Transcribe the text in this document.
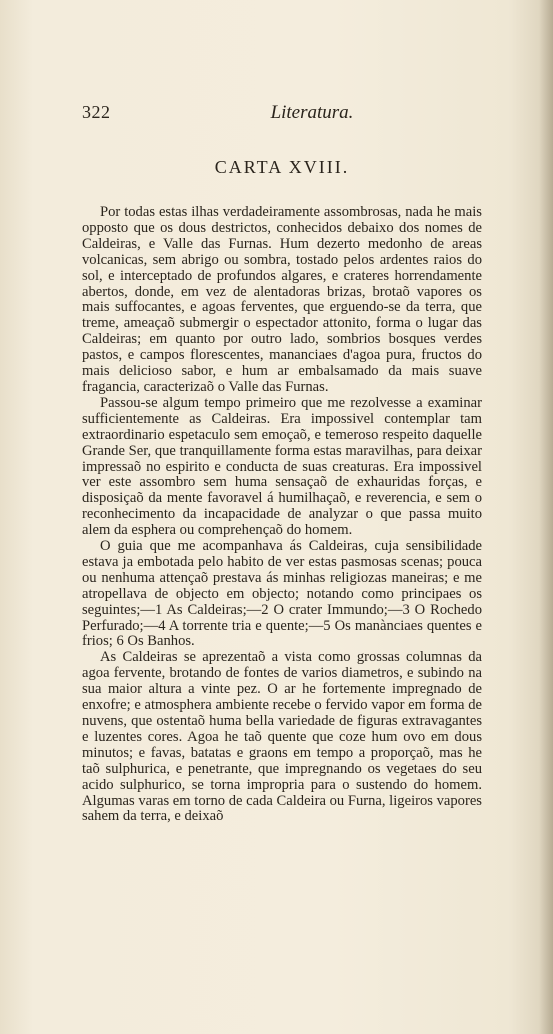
322	Literatura.
CARTA XVIII.

Por todas estas ilhas verdadeiramente assombrosas, nada he mais opposto que os dous destrictos, conhecidos debaixo dos nomes de Caldeiras, e Valle das Furnas. Hum dezerto medonho de areas volcanicas, sem abrigo ou sombra, tostado pelos ardentes raios do sol, e interceptado de profundos algares, e crateres horrendamente abertos, donde, em vez de alentadoras brizas, brotaõ vapores os mais suffocantes, e agoas ferventes, que erguendo-se da terra, que treme, ameaçaõ submergir o espectador attonito, forma o lugar das Caldeiras; em quanto por outro lado, sombrios bosques verdes pastos, e campos florescentes, mananciaes d'agoa pura, fructos do mais delicioso sabor, e hum ar embalsamado da mais suave fragancia, caracterizaõ o Valle das Furnas.

Passou-se algum tempo primeiro que me rezolvesse a examinar sufficientemente as Caldeiras. Era impossivel contemplar tam extraordinario espetaculo sem emoçaõ, e temeroso respeito daquelle Grande Ser, que tranquillamente forma estas maravilhas, para deixar impressaõ no espirito e conducta de suas creaturas. Era impossivel ver este assombro sem huma sensaçaõ de exhauridas forças, e disposiçaõ da mente favoravel á humilhaçaõ, e reverencia, e sem o reconhecimento da incapacidade de analyzar o que passa muito alem da esphera ou comprehençaõ do homem.

O guia que me acompanhava ás Caldeiras, cuja sensibilidade estava ja embotada pelo habito de ver estas pasmosas scenas; pouca ou nenhuma attençaõ prestava ás minhas religiozas maneiras; e me atropellava de objecto em objecto; notando como principaes os seguintes;—1 As Caldeiras;—2 O crater Immundo;—3 O Rochedo Perfurado;—4 A torrente tria e quente;—5 Os manànciaes quentes e frios; 6 Os Banhos.

As Caldeiras se aprezentaõ a vista como grossas columnas da agoa fervente, brotando de fontes de varios diametros, e subindo na sua maior altura a vinte pez. O ar he fortemente impregnado de enxofre; e atmosphera ambiente recebe o fervido vapor em forma de nuvens, que ostentaõ huma bella variedade de figuras extravagantes e luzentes cores. Agoa he taõ quente que coze hum ovo em dous minutos; e favas, batatas e graons em tempo a proporçaõ, mas he taõ sulphurica, e penetrante, que impregnando os vegetaes do seu acido sulphurico, se torna impropria para o sustendo do homem. Algumas varas em torno de cada Caldeira ou Furna, ligeiros vapores sahem da terra, e deixaõ
